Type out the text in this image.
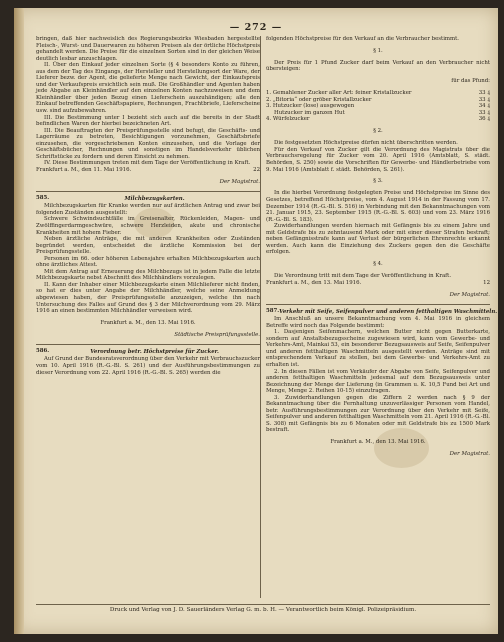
— 272 —

bringen, daß hier nachweislich des Regierungsbezirks Wiesbaden hergestellte Fleisch-, Wurst- und Dauerwaren zu höheren Preisen als der örtliche Höchstpreis gehandelt werden. Die Preise für die einzelnen Sorten sind in der gleichen Weise deutlich lesbar anzuschlagen.

II. Über den Einkauf jeder einzelnen Sorte (§ 4 besonders Konto zu führen, aus dem der Tag des Eingangs, der Hersteller und Herstellungsort der Ware, der Lieferer bezw. der Agent, die gelieferte Menge nach Gewicht, der Einkaufspreis und der Verkaufspreis ersichtlich sein muß. Die Großhändler und Agenten haben jede Abgabe an Kleinhändler auf den einzelnen Konten nachzuweisen und dem Kleinhändler über jeden Bezug einen Lieferschein auszuhändigen; alle den Einkauf betreffenden Geschäftspapiere, Rechnungen, Frachtbriefe, Lieferscheine usw. sind aufzubewahren.

III. Die Bestimmung unter I bezieht sich auch auf die bereits in der Stadt befindlichen Waren der hierbei bezeichneten Art.

III. Die Beauftragten der Preisprüfungsstelle sind befugt, die Geschäfts- und Lagerräume zu betreten, Besichtigungen vorzunehmen, Geschäftsbriefe einzusehen, die vorgeschriebenen Konten einzusehen, und die Vorlage der Geschäftsbücher, Rechnungen und sonstigen im Handelsverkehr üblichen Schriftstücke zu fordern und deren Einsicht zu nehmen.

IV. Diese Bestimmungen treten mit dem Tage der Veröffentlichung in Kraft.

Frankfurt a. M., den 11. Mai 1916.	22

Der Magistrat.

585.	Milchbezugskarten.

Milchbezugskarten für Kranke werden nur auf ärztlichen Antrag und zwar bei folgenden Zuständen ausgestellt:

Schwere Schwindsuchtfälle im Greisenalter, Rückenleiden, Magen- und Zwölffingerdarmgeschwüre, schwere Herzleiden, akute und chronische Krankheiten mit hohem Fieber.

Neben ärztliche Anträge, die mit anderen Krankheiten oder Zuständen begründet werden, entscheidet die ärztliche Kommission bei der Preisprüfungsstelle.

Personen im 66. oder höheren Lebensjahre erhalten Milchbezugskarten auch ohne ärztliches Attest.

Mit dem Antrag auf Erneuerung des Milchbezugs ist in jedem Falle die letzte Milchbezugskarte nebst Abschnitt des Milchhändlers vorzulegen.

II. Kann der Inhaber einer Milchbezugskarte einen Milchlieferer nicht finden, so hat er dies unter Angabe der Milchhändler, welche seine Anmeldung abgewiesen haben, der Preisprüfungsstelle anzuzeigen, welche ihn nach Untersuchung des Falles auf Grund des § 3 der Milchverordnung vom 29. März 1916 an einen bestimmten Milchhändler verweisen wird.

Frankfurt a. M., den 13. Mai 1916.

Städtische Preisprüfungsstelle.

586.	Verordnung betr. Höchstpreise für Zucker.

Auf Grund der Bundesratsverordnung über den Verkehr mit Verbrauchszucker vom 10. April 1916 (R.-G.-Bl. S. 261) und der Ausführungsbestimmungen zu dieser Verordnung vom 22. April 1916 (R.-G.-Bl. S. 265) werden die

folgenden Höchstpreise für den Verkauf an die Verbraucher bestimmt.

§ 1.

Der Preis für 1 Pfund Zucker darf beim Verkauf an den Verbraucher nicht übersteigen:

für das Pfund:

1. Gemahlener Zucker aller Art: feiner Kristallzucker	33 ₰
2. „Bitoria“ oder gröber Kristallzucker	33 ₰
3. Hutzucker (lose) ausgewogen	34 ₰
Hutzucker im ganzen Hut	33 ₰
4. Würfelzucker	36 ₰

§ 2.

Die festgesetzten Höchstpreise dürfen nicht überschritten werden.

Für den Verkauf von Zucker gilt die Verordnung des Magistrats über die Verbrauchsregelung für Zucker vom 20. April 1916 (Amtsblatt, S. städt. Behörden, S. 250) sowie die Vorschriften für Gewerbe- und Händlerbetriebe vom 9. Mai 1916 (Amtsblatt f. städt. Behörden, S. 261).

§ 3.

In die hierbei Verordnung festgelegten Preise und Höchstpreise im Sinne des Gesetzes, betreffend Höchstpreise, vom 4. August 1914 in der Fassung vom 17. Dezember 1914 (R.-G.-Bl. S. 516) in Verbindung mit den Bekanntmachungen vom 21. Januar 1915, 23. September 1915 (R.-G.-Bl. S. 603) und vom 23. März 1916 (R.-G.-Bl. S. 183).

Zuwiderhandlungen werden hiernach mit Gefängnis bis zu einem Jahre und mit Geldstrafe bis zu zehntausend Mark oder mit einer dieser Strafen bestraft; neben Gefängnisstrafe kann auf Verlust der bürgerlichen Ehrenrechte erkannt werden. Auch kann die Einziehung des Zuckers gegen den die Geschäfte erfolgen.

§ 4.

Die Verordnung tritt mit dem Tage der Veröffentlichung in Kraft.

Frankfurt a. M., den 13. Mai 1916.	12

Der Magistrat.

587. Verkehr mit Seife, Seifenpulver und anderen fetthaltigen Waschmitteln.

Im Anschluß an unsere Bekanntmachung vom 4. Mai 1916 in gleichem Betreffe wird noch das Folgende bestimmt:

1. Dasjenigen Seifenmachern, welchen Butter nicht gegen Butterkarte, sondern auf Anstaltsbezugsscheine zugewiesen wird, kann vom Gewerbe- und Verkehrs-Amt, Mainkai 53, ein besonderer Bezugsausweis auf Seife, Seifenpulver und anderen fetthaltigen Waschmitteln ausgestellt werden. Anträge sind mit entsprechendem Verkauf zu stellen, bei dem Gewerbe- und Verkehrs-Amt zu erhalten ist.

2. In diesen Fällen ist vom Verkäufer der Abgabe von Seife, Seifenpulver und anderen fetthaltigen Waschmitteln jedesmal auf dem Bezugsausweis unter Bezeichnung der Menge der Lieferung (in Grammen u. K. 10,5 Fund bei Art und Menge, Menge 2. Reihen 10-15) einzutragen.

3. Zuwiderhandlungen gegen die Ziffern 2 werden nach § 9 der Bekanntmachung über die Fernhaltung unzuverlässiger Personen vom Handel, betr. Ausführungsbestimmungen zur Verordnung über den Verkehr mit Seife, Seifenpulver und anderen fetthaltigen Waschmitteln vom 21. April 1916 (R.-G.-Bl. S. 308) mit Gefängnis bis zu 6 Monaten oder mit Geldstrafe bis zu 1500 Mark bestraft.

Frankfurt a. M., den 13. Mai 1916.

Der Magistrat.

Druck und Verlag von J. D. Sauerländers Verlag G. m. b. H. — Verantwortlich beim Königl. Polizeipräsidium.
